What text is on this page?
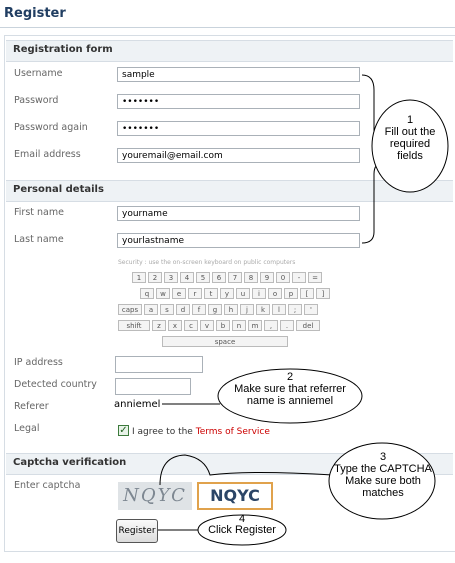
Register
Registration form
Username	sample
Password	•••••••
Password again	•••••••
Email address	youremail@email.com
Personal details
First name	yourname
Last name	yourlastname
Security : use the on-screen keyboard on public computers
1	2	3	4	5	6	7	8	9	0	-	=
q	w	e	r	t	y	u	i	o	p	[	]
caps	a	s	d	f	g	h	j	k	l	;	'
shift	z	x	c	v	b	n	m	,	.	del
space
IP address
Detected country
Referer	anniemel
Legal	✓ I agree to the Terms of Service
Captcha verification
Enter captcha NQYC	NQYC
Register
1
Fill out the required fields
2
Make sure that referrer name is anniemel
3
Type the CAPTCHA Make sure both matches
4
Click Register
